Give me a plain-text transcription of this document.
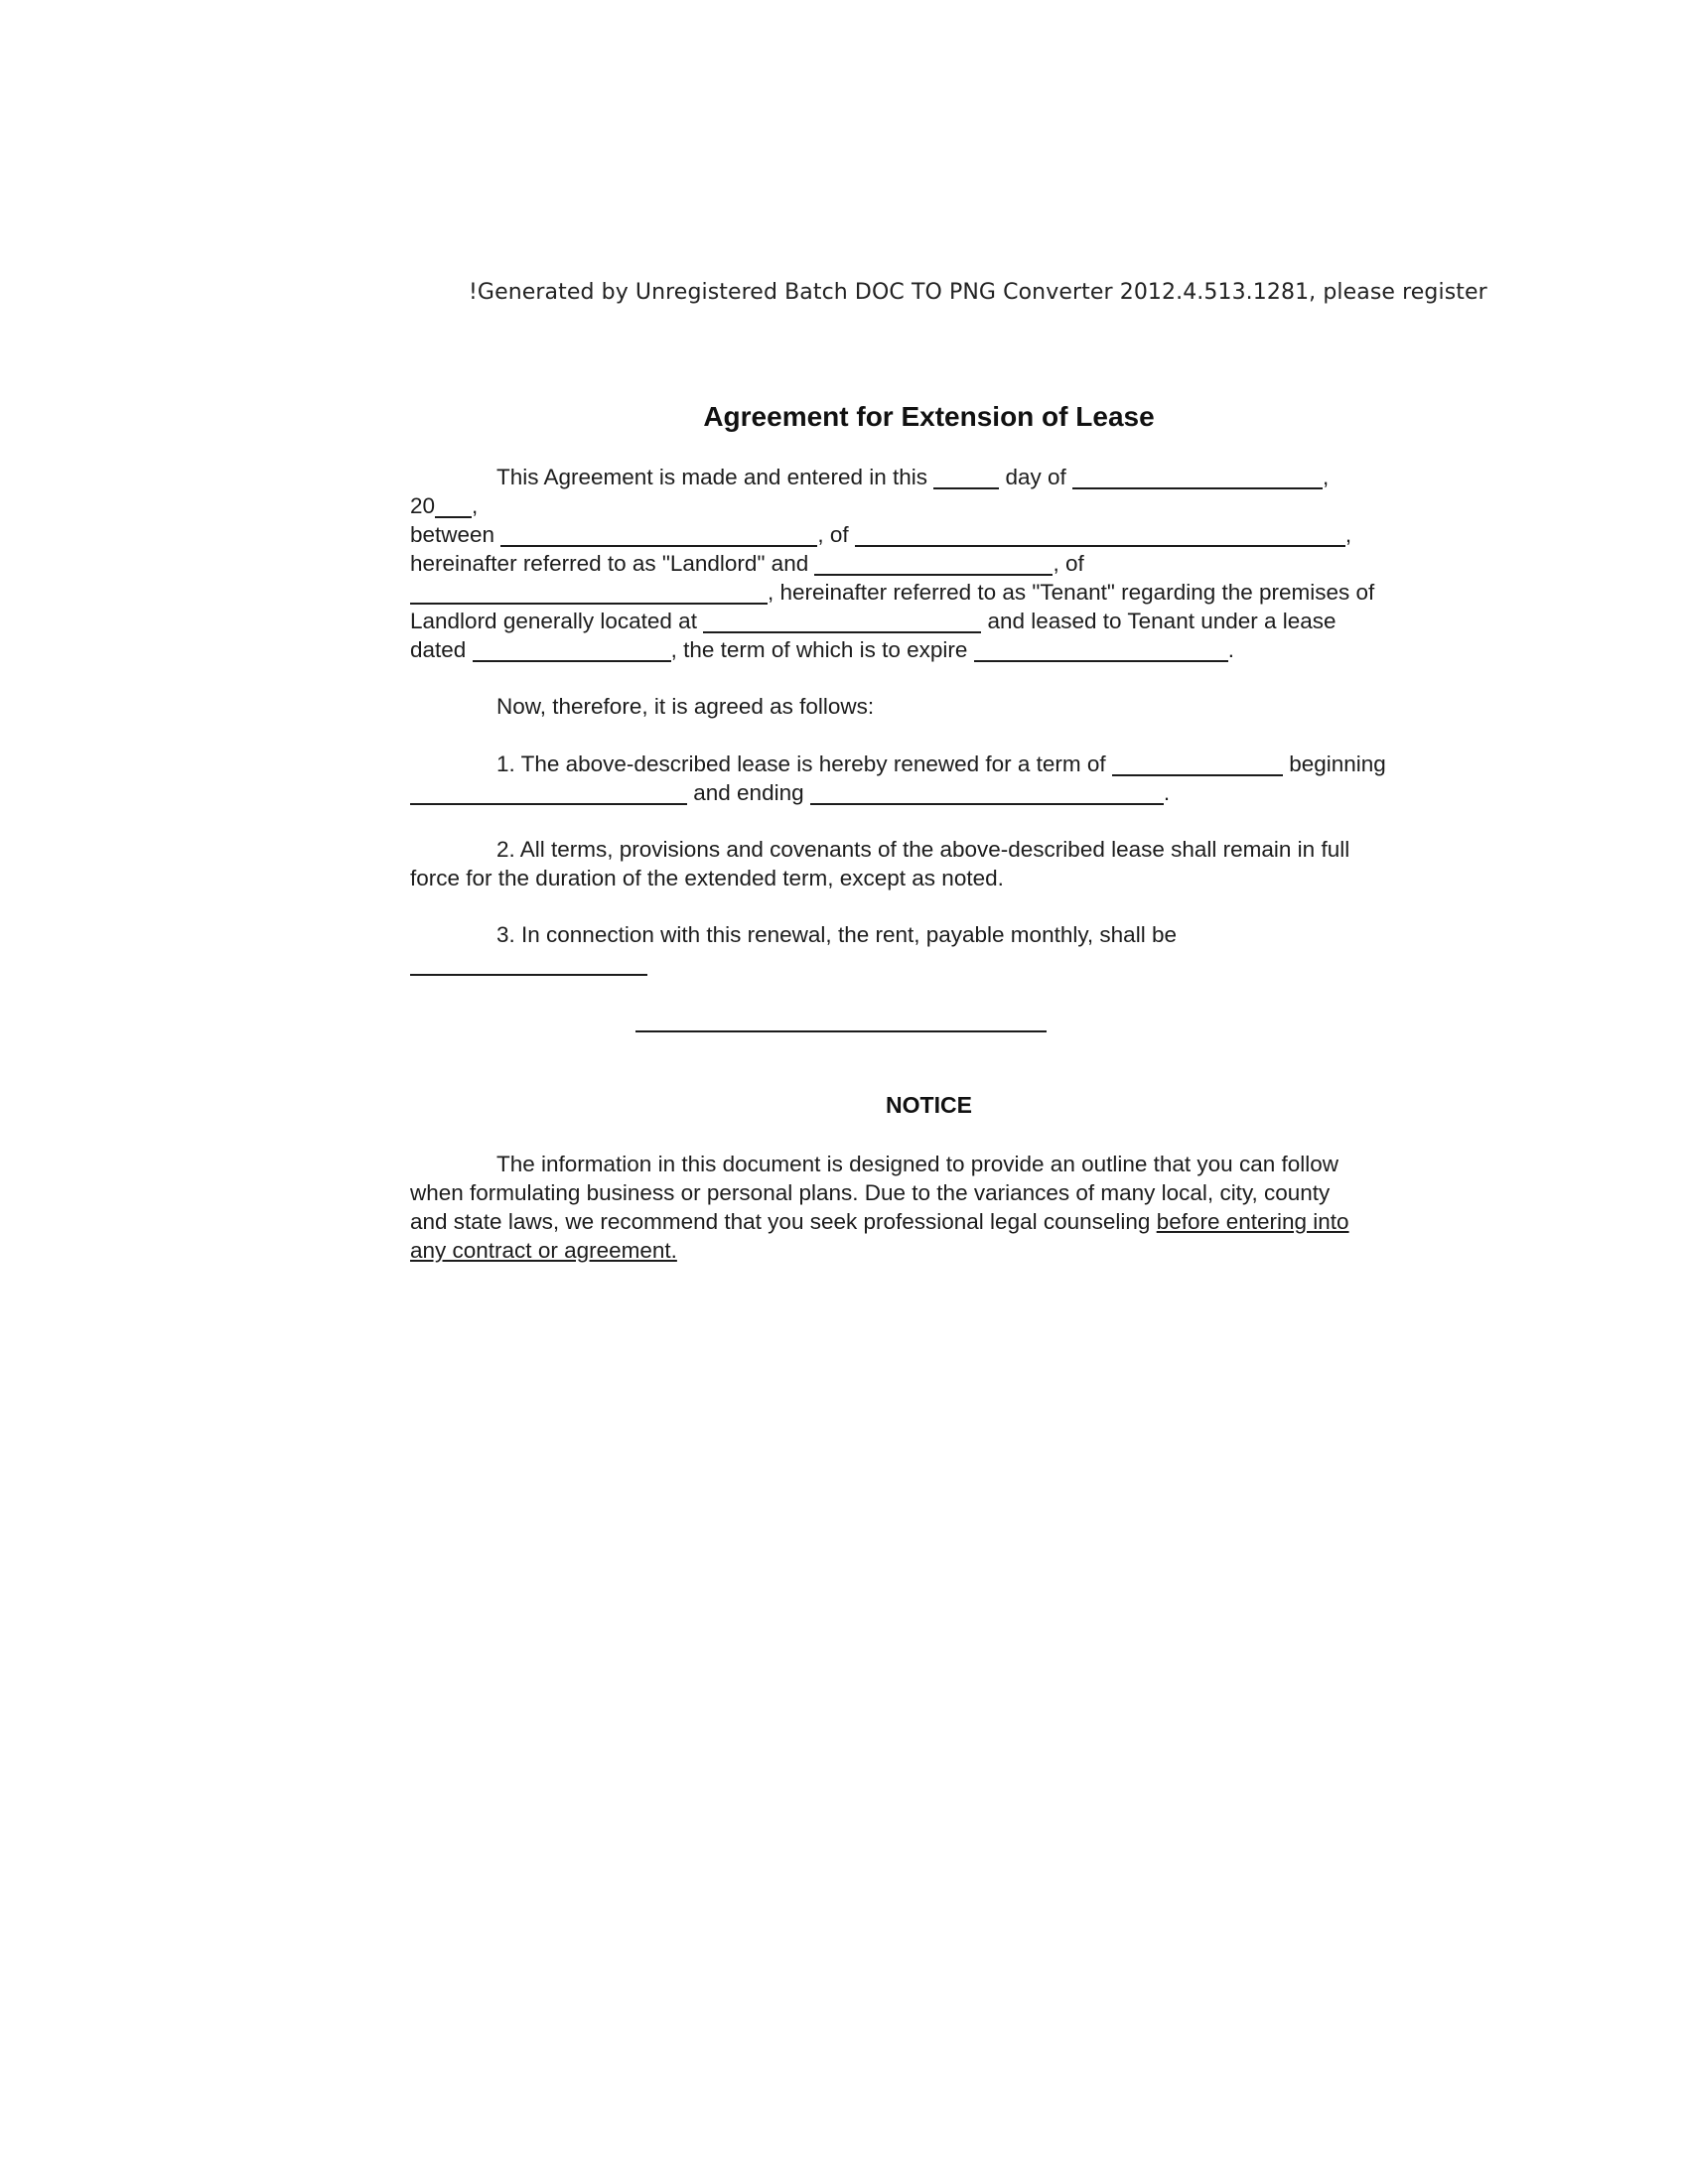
!Generated by Unregistered Batch DOC TO PNG Converter 2012.4.513.1281, please register
Agreement for Extension of Lease
This Agreement is made and entered in this	day of	,
20 ,
between	, of	,
hereinafter referred to as "Landlord" and	, of
, hereinafter referred to as "Tenant" regarding the premises of
Landlord generally located at	and leased to Tenant under a lease
dated	, the term of which is to expire	.
Now, therefore, it is agreed as follows:
1. The above-described lease is hereby renewed for a term of	beginning
and ending	.
2. All terms, provisions and covenants of the above-described lease shall remain in full
force for the duration of the extended term, except as noted.
3. In connection with this renewal, the rent, payable monthly, shall be
NOTICE
The information in this document is designed to provide an outline that you can follow
when formulating business or personal plans. Due to the variances of many local, city, county
and state laws, we recommend that you seek professional legal counseling before entering into
any contract or agreement.
